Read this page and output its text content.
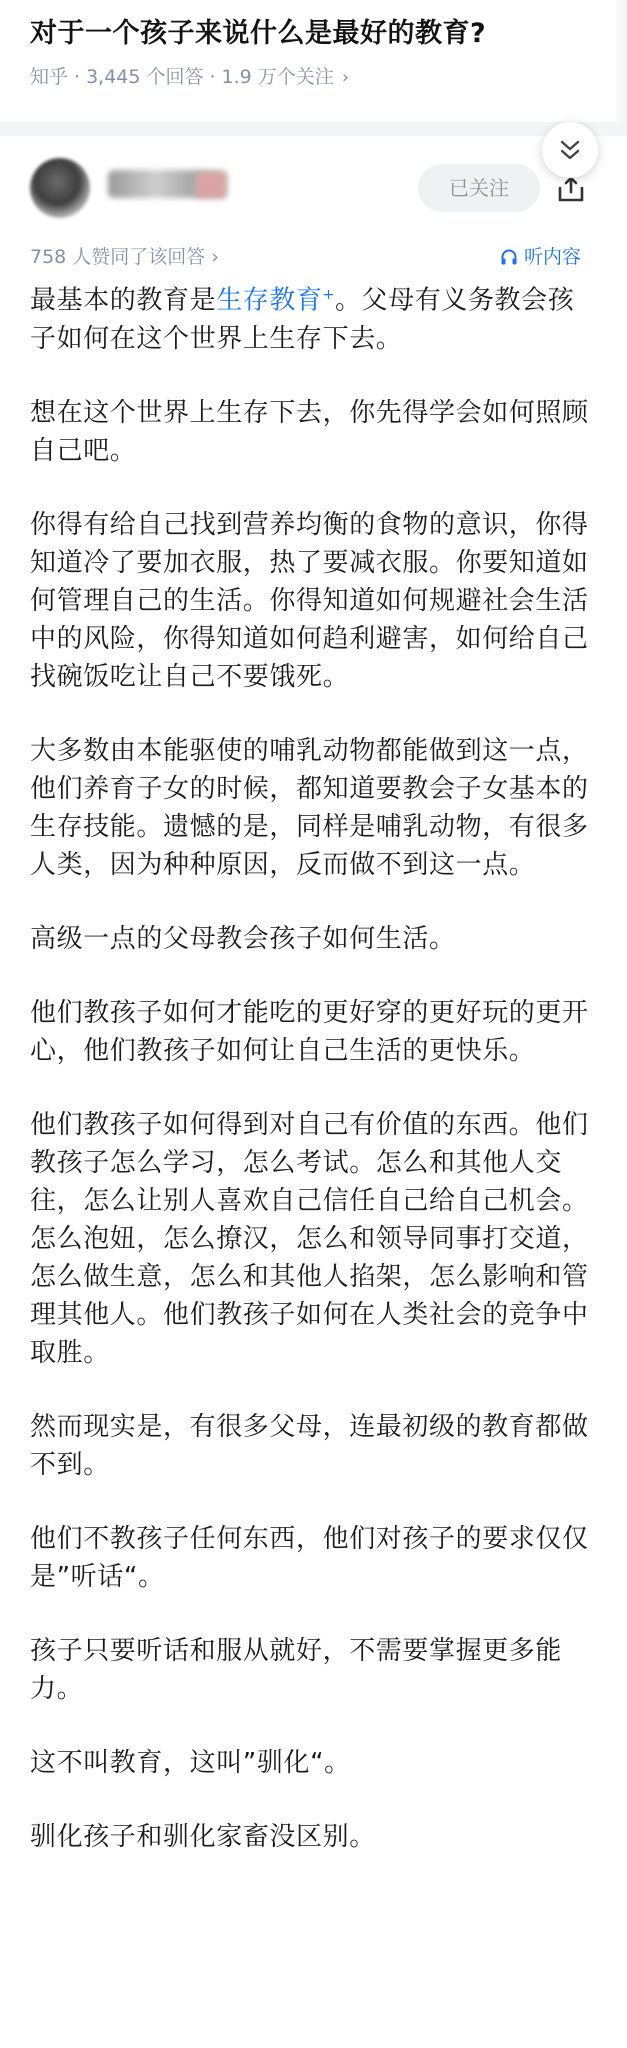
对于一个孩子来说什么是最好的教育?
知乎 · 3,445 个回答 · 1.9 万个关注 ›
已关注
758 人赞同了该回答 ›	听内容

最基本的教育是生存教育+。父母有义务教会孩子如何在这个世界上生存下去。

想在这个世界上生存下去，你先得学会如何照顾自己吧。

你得有给自己找到营养均衡的食物的意识，你得知道冷了要加衣服，热了要减衣服。你要知道如何管理自己的生活。你得知道如何规避社会生活中的风险，你得知道如何趋利避害，如何给自己找碗饭吃让自己不要饿死。

大多数由本能驱使的哺乳动物都能做到这一点，他们养育子女的时候，都知道要教会子女基本的生存技能。遗憾的是，同样是哺乳动物，有很多人类，因为种种原因，反而做不到这一点。

高级一点的父母教会孩子如何生活。

他们教孩子如何才能吃的更好穿的更好玩的更开心，他们教孩子如何让自己生活的更快乐。

他们教孩子如何得到对自己有价值的东西。他们教孩子怎么学习，怎么考试。怎么和其他人交往，怎么让别人喜欢自己信任自己给自己机会。怎么泡妞，怎么撩汉，怎么和领导同事打交道，怎么做生意，怎么和其他人掐架，怎么影响和管理其他人。他们教孩子如何在人类社会的竞争中取胜。

然而现实是，有很多父母，连最初级的教育都做不到。

他们不教孩子任何东西，他们对孩子的要求仅仅是”听话“。

孩子只要听话和服从就好，不需要掌握更多能力。

这不叫教育，这叫”驯化“。

驯化孩子和驯化家畜没区别。
